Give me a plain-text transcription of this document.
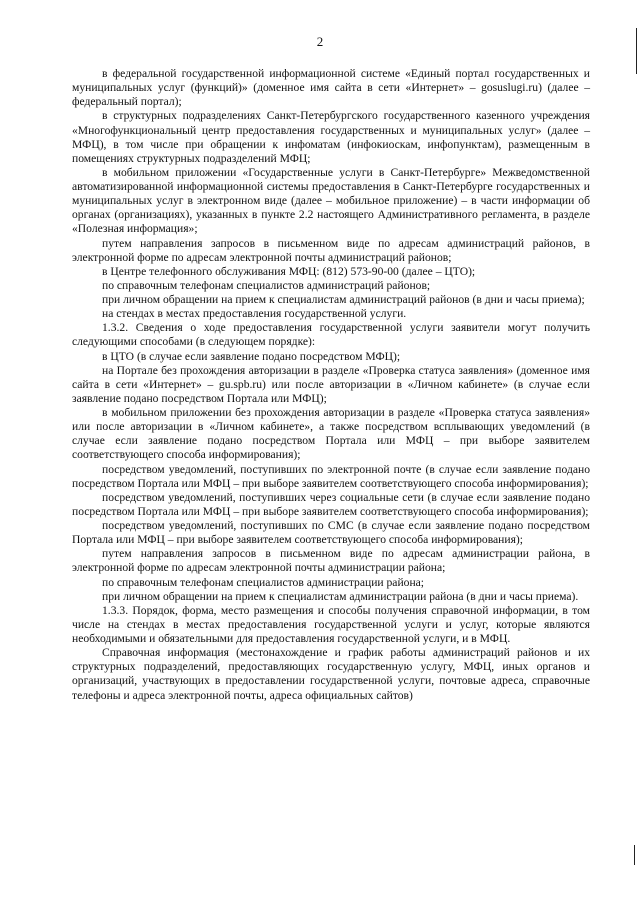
2

в федеральной государственной информационной системе «Единый портал государственных и муниципальных услуг (функций)» (доменное имя сайта в сети «Интернет» – gosuslugi.ru) (далее – федеральный портал);

в структурных подразделениях Санкт-Петербургского государственного казенного учреждения «Многофункциональный центр предоставления государственных и муниципальных услуг» (далее – МФЦ), в том числе при обращении к инфоматам (инфокиоскам, инфопунктам), размещенным в помещениях структурных подразделений МФЦ;

в мобильном приложении «Государственные услуги в Санкт-Петербурге» Межведомственной автоматизированной информационной системы предоставления в Санкт-Петербурге государственных и муниципальных услуг в электронном виде (далее – мобильное приложение) – в части информации об органах (организациях), указанных в пункте 2.2 настоящего Административного регламента, в разделе «Полезная информация»;

путем направления запросов в письменном виде по адресам администраций районов, в электронной форме по адресам электронной почты администраций районов;

в Центре телефонного обслуживания МФЦ: (812) 573-90-00 (далее – ЦТО);

по справочным телефонам специалистов администраций районов;

при личном обращении на прием к специалистам администраций районов (в дни и часы приема);

на стендах в местах предоставления государственной услуги.

1.3.2. Сведения о ходе предоставления государственной услуги заявители могут получить следующими способами (в следующем порядке):

в ЦТО (в случае если заявление подано посредством МФЦ);

на Портале без прохождения авторизации в разделе «Проверка статуса заявления» (доменное имя сайта в сети «Интернет» – gu.spb.ru) или после авторизации в «Личном кабинете» (в случае если заявление подано посредством Портала или МФЦ);

в мобильном приложении без прохождения авторизации в разделе «Проверка статуса заявления» или после авторизации в «Личном кабинете», а также посредством всплывающих уведомлений (в случае если заявление подано посредством Портала или МФЦ – при выборе заявителем соответствующего способа информирования);

посредством уведомлений, поступивших по электронной почте (в случае если заявление подано посредством Портала или МФЦ – при выборе заявителем соответствующего способа информирования);

посредством уведомлений, поступивших через социальные сети (в случае если заявление подано посредством Портала или МФЦ – при выборе заявителем соответствующего способа информирования);

посредством уведомлений, поступивших по СМС (в случае если заявление подано посредством Портала или МФЦ – при выборе заявителем соответствующего способа информирования);

путем направления запросов в письменном виде по адресам администрации района, в электронной форме по адресам электронной почты администрации района;

по справочным телефонам специалистов администрации района;

при личном обращении на прием к специалистам администрации района (в дни и часы приема).

1.3.3. Порядок, форма, место размещения и способы получения справочной информации, в том числе на стендах в местах предоставления государственной услуги и услуг, которые являются необходимыми и обязательными для предоставления государственной услуги, и в МФЦ.

Справочная информация (местонахождение и график работы администраций районов и их структурных подразделений, предоставляющих государственную услугу, МФЦ, иных органов и организаций, участвующих в предоставлении государственной услуги, почтовые адреса, справочные телефоны и адреса электронной почты, адреса официальных сайтов)
